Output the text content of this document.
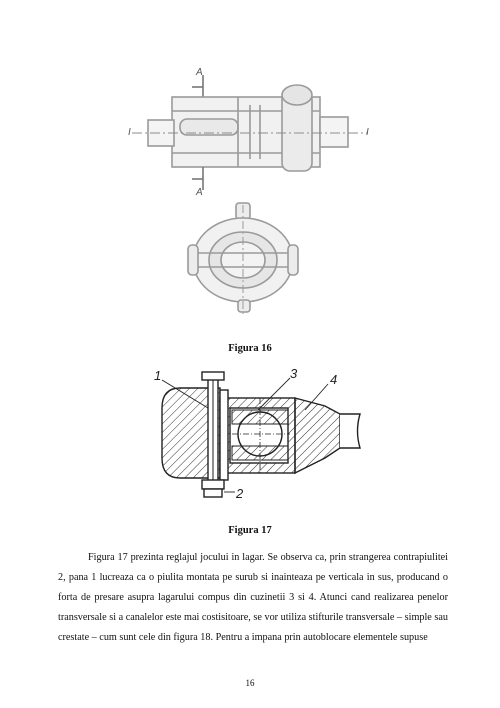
A
A
I	I
Figura 16
1	3	4
2
Figura 17

Figura 17 prezinta reglajul jocului in lagar. Se observa ca, prin strangerea contrapiulitei 2, pana 1 lucreaza ca o piulita montata pe surub si inainteaza pe verticala in sus, producand o forta de presare asupra lagarului compus din cuzinetii 3 si 4. Atunci cand realizarea penelor transversale si a canalelor este mai costisitoare, se vor utiliza stifturile transversale – simple sau crestate – cum sunt cele din figura 18. Pentru a impana prin autoblocare elementele supuse

16
